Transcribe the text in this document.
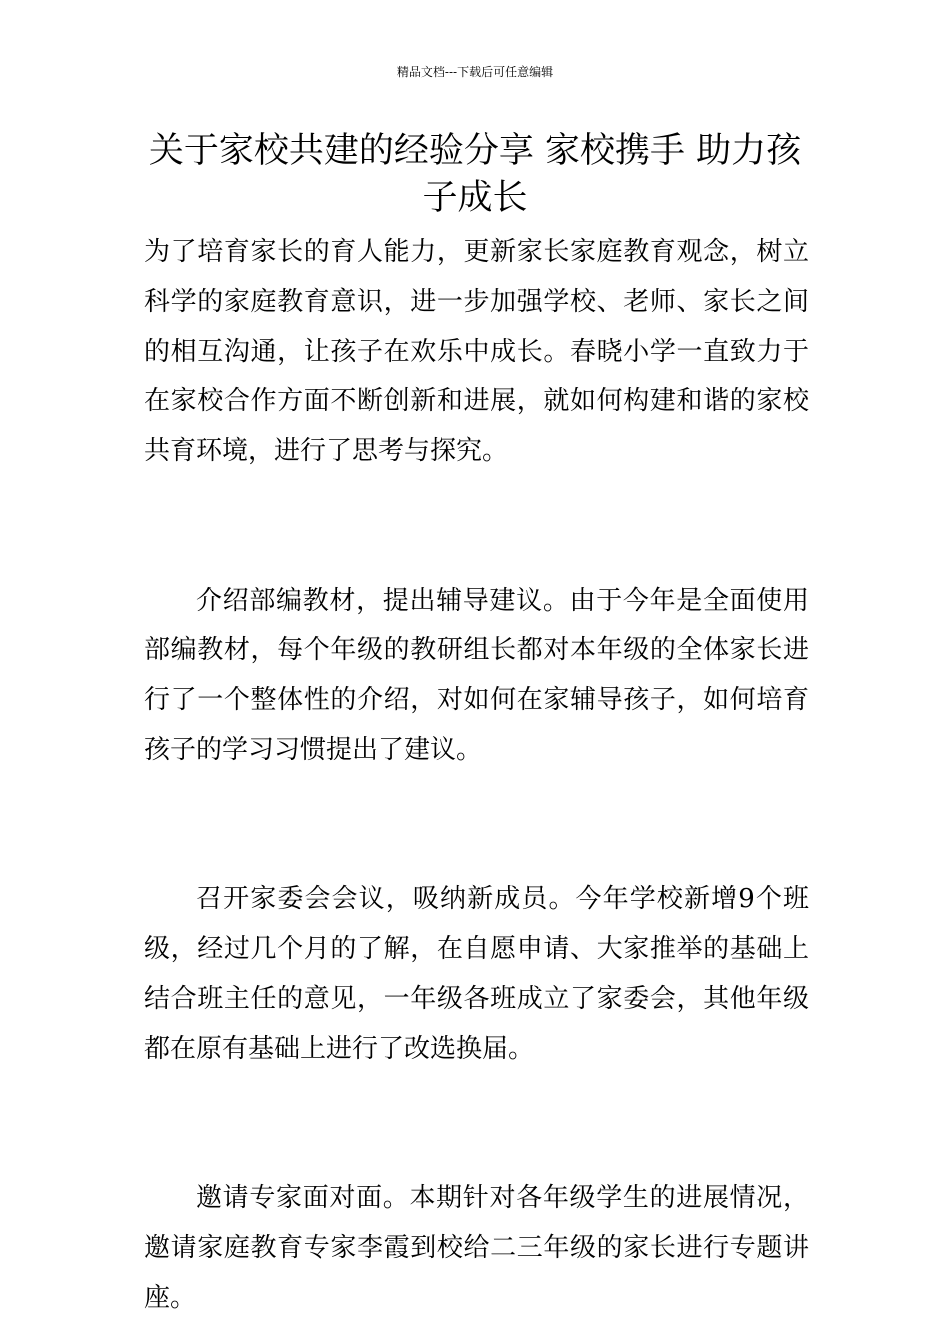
精品文档---下载后可任意编辑
关于家校共建的经验分享 家校携手 助力孩子成长

为了培育家长的育人能力，更新家长家庭教育观念，树立科学的家庭教育意识，进一步加强学校、老师、家长之间的相互沟通，让孩子在欢乐中成长。春晓小学一直致力于在家校合作方面不断创新和进展，就如何构建和谐的家校共育环境，进行了思考与探究。

介绍部编教材，提出辅导建议。由于今年是全面使用部编教材，每个年级的教研组长都对本年级的全体家长进行了一个整体性的介绍，对如何在家辅导孩子，如何培育孩子的学习习惯提出了建议。

召开家委会会议，吸纳新成员。今年学校新增9个班级，经过几个月的了解，在自愿申请、大家推举的基础上结合班主任的意见，一年级各班成立了家委会，其他年级都在原有基础上进行了改选换届。

邀请专家面对面。本期针对各年级学生的进展情况，邀请家庭教育专家李霞到校给二三年级的家长进行专题讲座。
